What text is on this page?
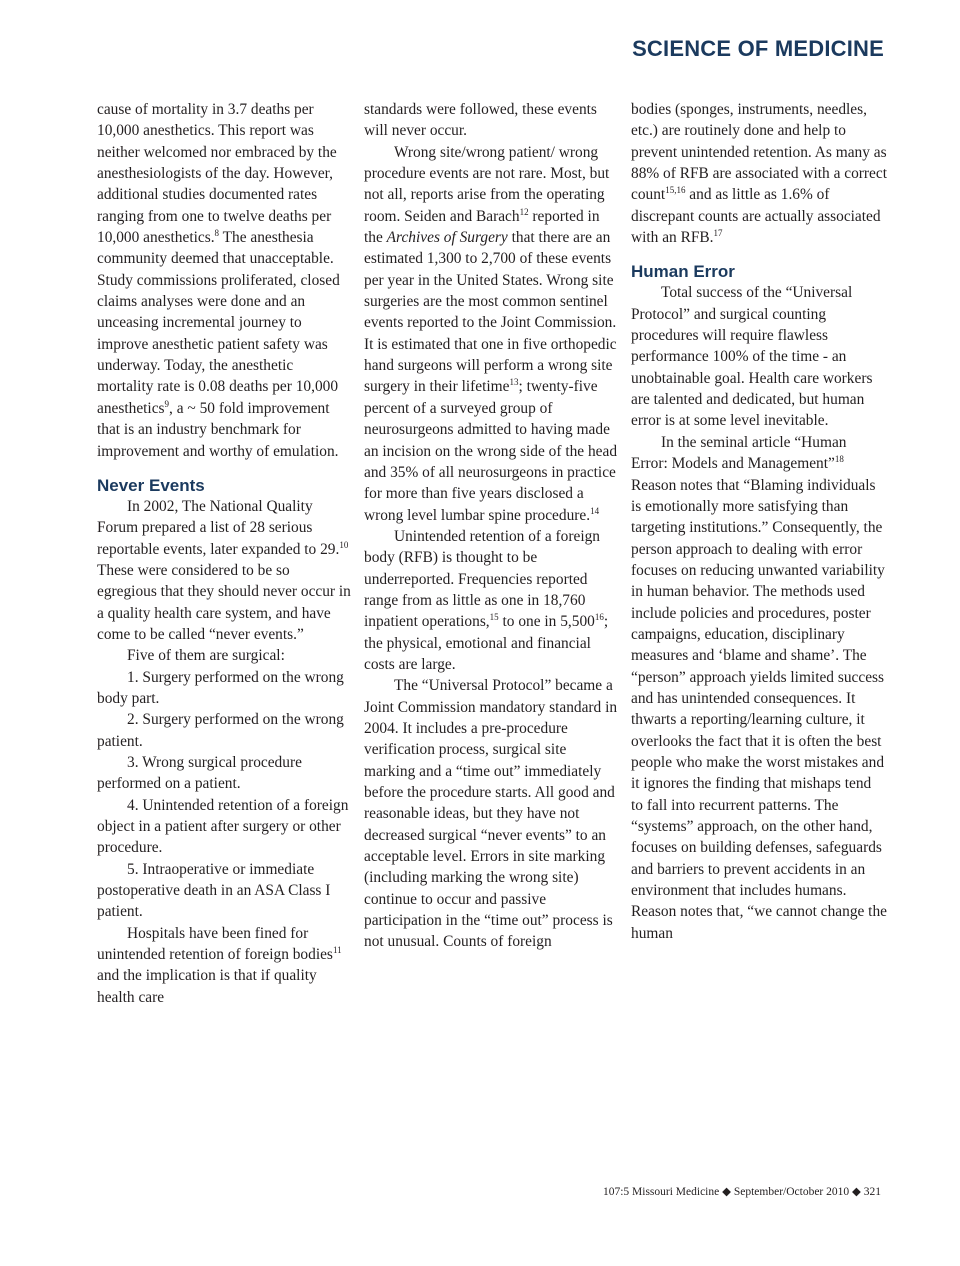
SCIENCE OF MEDICINE

cause of mortality in 3.7 deaths per 10,000 anesthetics. This report was neither welcomed nor embraced by the anesthesiologists of the day. However, additional studies documented rates ranging from one to twelve deaths per 10,000 anesthetics.$^8$ The anesthesia community deemed that unacceptable. Study commissions proliferated, closed claims analyses were done and an unceasing incremental journey to improve anesthetic patient safety was underway. Today, the anesthetic mortality rate is 0.08 deaths per 10,000 anesthetics$^9$, a ~ 50 fold improvement that is an industry benchmark for improvement and worthy of emulation.

Never Events

In 2002, The National Quality Forum prepared a list of 28 serious reportable events, later expanded to 29.10 These were considered to be so egregious that they should never occur in a quality health care system, and have come to be called “never events.”

Five of them are surgical:

1. Surgery performed on the wrong body part.

2. Surgery performed on the wrong patient.

3. Wrong surgical procedure performed on a patient.

4. Unintended retention of a foreign object in a patient after surgery or other procedure.

5. Intraoperative or immediate postoperative death in an ASA Class I patient.

Hospitals have been fined for unintended retention of foreign bodies$^{11}$ and the implication is that if quality health care

standards were followed, these events will never occur.

Wrong site/wrong patient/ wrong procedure events are not rare. Most, but not all, reports arise from the operating room. Seiden and Barach$^{12}$ reported in the Archives of Surgery that there are an estimated 1,300 to 2,700 of these events per year in the United States. Wrong site surgeries are the most common sentinel events reported to the Joint Commission. It is estimated that one in five orthopedic hand surgeons will perform a wrong site surgery in their lifetime$^{13}$; twenty-five percent of a surveyed group of neurosurgeons admitted to having made an incision on the wrong side of the head and 35% of all neurosurgeons in practice for more than five years disclosed a wrong level lumbar spine procedure.$^{14}$

Unintended retention of a foreign body (RFB) is thought to be underreported. Frequencies reported range from as little as one in 18,760 inpatient operations,$^{15}$ to one in 5,500$^{16}$; the physical, emotional and financial costs are large.

The “Universal Protocol” became a Joint Commission mandatory standard in 2004. It includes a pre-procedure verification process, surgical site marking and a “time out” immediately before the procedure starts. All good and reasonable ideas, but they have not decreased surgical “never events” to an acceptable level. Errors in site marking (including marking the wrong site) continue to occur and passive participation in the “time out” process is not unusual. Counts of foreign

bodies (sponges, instruments, needles, etc.) are routinely done and help to prevent unintended retention. As many as 88% of RFB are associated with a correct count$^{15,16}$ and as little as 1.6% of discrepant counts are actually associated with an RFB.$^{17}$

Human Error

Total success of the “Universal Protocol” and surgical counting procedures will require flawless performance 100% of the time - an unobtainable goal. Health care workers are talented and dedicated, but human error is at some level inevitable.

In the seminal article “Human Error: Models and Management”$^{18}$ Reason notes that “Blaming individuals is emotionally more satisfying than targeting institutions.” Consequently, the person approach to dealing with error focuses on reducing unwanted variability in human behavior. The methods used include policies and procedures, poster campaigns, education, disciplinary measures and ‘blame and shame’. The “person” approach yields limited success and has unintended consequences. It thwarts a reporting/learning culture, it overlooks the fact that it is often the best people who make the worst mistakes and it ignores the finding that mishaps tend to fall into recurrent patterns. The “systems” approach, on the other hand, focuses on building defenses, safeguards and barriers to prevent accidents in an environment that includes humans. Reason notes that, “we cannot change the human

107:5 Missouri Medicine ◆ September/October 2010 ◆ 321
